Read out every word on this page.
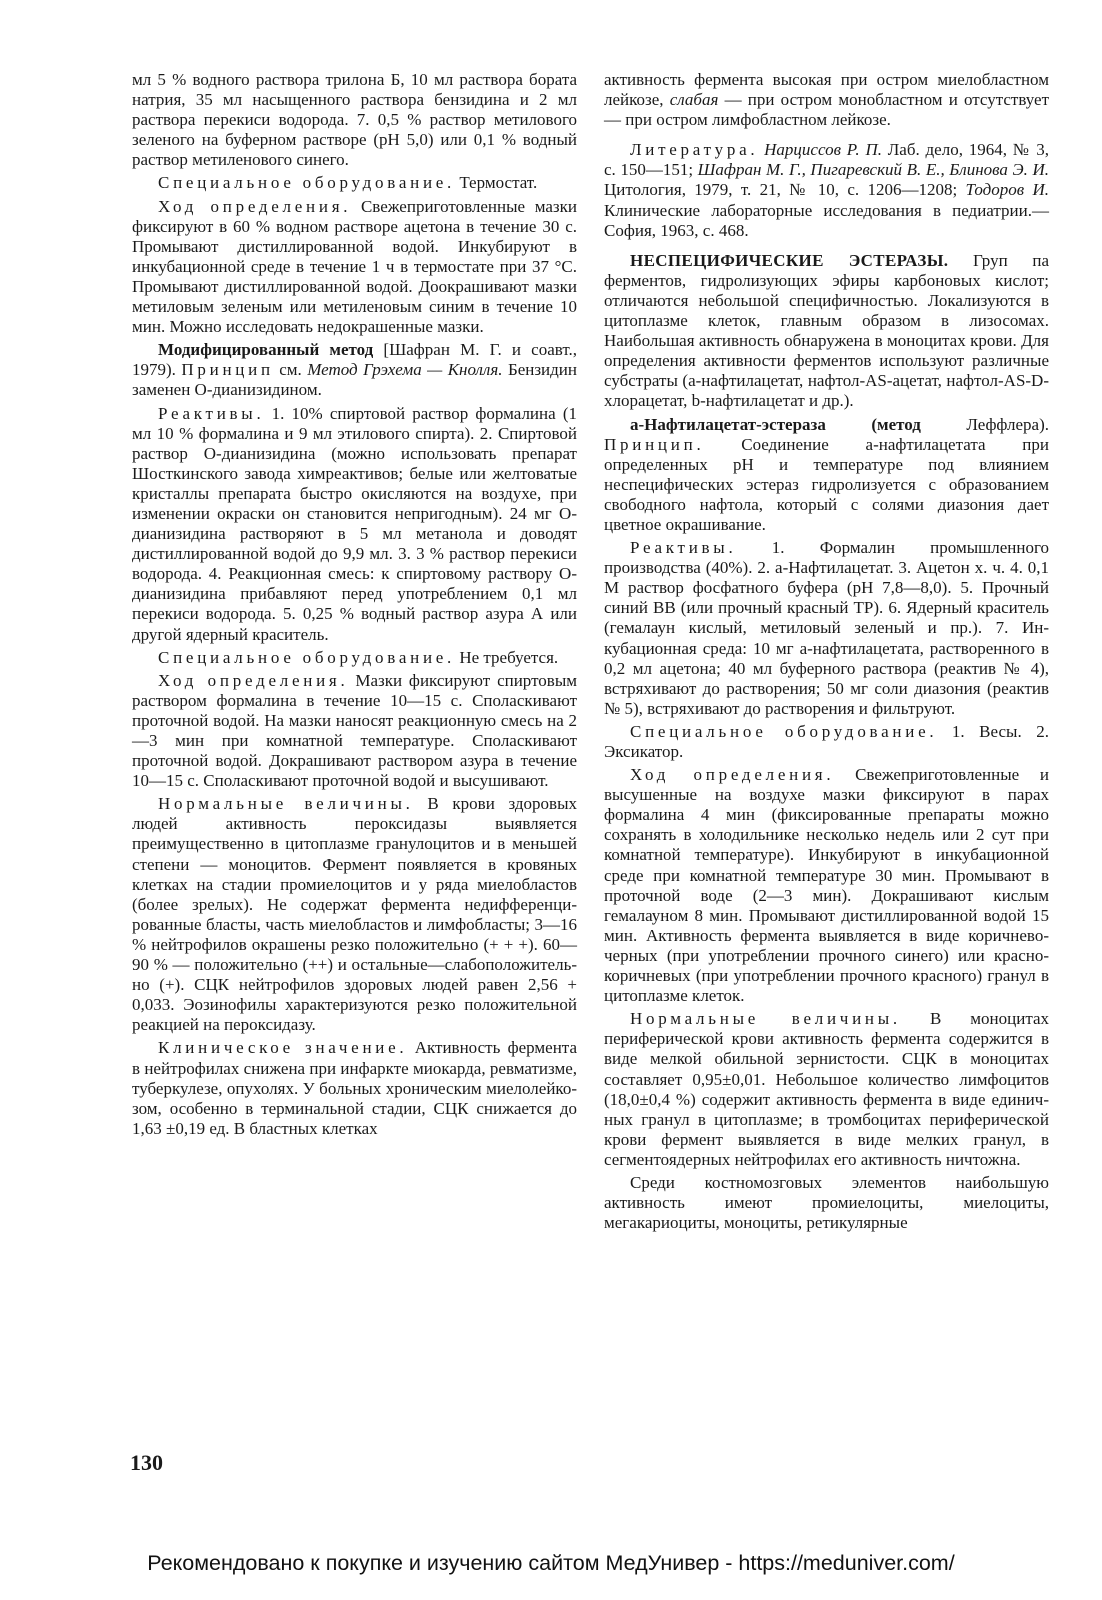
мл 5 % водного раствора трилона Б, 10 мл раствора бората натрия, 35 мл насыщенного раствора бензидина и 2 мл раствора перекиси водорода. 7. 0,5 % раствор метилового зеленого на буферном растворе (рН 5,0) или 0,1 % водный раствор метиленового синего.

Специальное оборудование. Термостат.

Ход определения. Свежеприготовленные мазки фиксируют в 60 % водном растворе ацетона в течение 30 с. Промывают дистиллированной водой. Инкубируют в инкубационной среде в течение 1 ч в термостате при 37 °С. Промывают дистиллированной водой. Доокрашивают мазки метиловым зеленым или метиленовым синим в течение 10 мин. Можно исследовать недокрашенные мазки.

Модифицированный метод [Шафран М. Г. и соавт., 1979). Принцип см. Метод Грэхема — Кнолля. Бензидин заменен О-дианизидином.

Реактивы. 1. 10% спиртовой раствор формалина (1 мл 10 % формалина и 9 мл этилового спирта). 2. Спиртовой раствор О-дианизидина (можно использовать препарат Шосткинского завода химреактивов; белые или желтоватые кристаллы препарата быстро окисляются на воздухе, при изменении окраски он становится непригодным). 24 мг О-дианизидина растворяют в 5 мл метанола и доводят дистиллированной водой до 9,9 мл. 3. 3 % раствор перекиси водорода. 4. Реакционная смесь: к спиртовому раствору О-дианизидина прибавляют перед употреблением 0,1 мл перекиси водорода. 5. 0,25 % водный раствор азура А или другой ядерный краситель.

Специальное оборудование. Не требуется.

Ход определения. Мазки фиксируют спиртовым раствором формалина в течение 10—15 с. Споласкивают проточной водой. На мазки наносят реакционную смесь на 2—3 мин при комнатной температуре. Споласкивают проточной водой. Докрашивают раствором азура в течение 10—15 с. Споласкивают проточной водой и высушивают.

Нормальные величины. В крови здоровых людей активность пероксидазы выявляется преимущественно в цитоплазме гранулоцитов и в меньшей степени — моноцитов. Фермент появляется в кровяных клетках на стадии промиелоцитов и у ряда миелобластов (более зрелых). Не содержат фермента недифференцированные бласты, часть миелобластов и лимфобласты; 3—16 % нейтрофилов окрашены резко положительно (+ + +). 60—90 % — положительно (++) и остальные—слабоположительно (+). СЦК нейтрофилов здоровых людей равен 2,56 + 0,033. Эозинофилы характеризуются резко положительной реакцией на пероксидазу.

Клиническое значение. Активность фермента в нейтрофилах снижена при инфаркте миокарда, ревматизме, туберкулезе, опухолях. У больных хроническим миелолейкозом, особенно в терминальной стадии, СЦК снижается до 1,63 ±0,19 ед. В бластных клетках

активность фермента высокая при остром миелобластном лейкозе, слабая — при остром монобластном и отсутствует — при остром лимфобластном лейкозе.

Литература. Нарциссов Р. П. Лаб. дело, 1964, № 3, с. 150—151; Шафран М. Г., Пигаревский В. Е., Блинова Э. И. Цитология, 1979, т. 21, № 10, с. 1206—1208; Тодоров И. Клинические лабораторные исследования в педиатрии.— София, 1963, с. 468.

НЕСПЕЦИФИЧЕСКИЕ ЭСТЕРАЗЫ. Груп па ферментов, гидролизующих эфиры карбоновых кислот; отличаются небольшой специфичностью. Локализуются в цитоплазме клеток, главным образом в лизосомах. Наибольшая активность обнаружена в моноцитах крови. Для определения активности ферментов используют различные субстраты (а-нафтилацетат, нафтол-AS-ацетат, нафтол-AS-D-хлорацетат, b-нафтилацетат и др.).

а-Нафтилацетат-эстераза (метод	Леффлера). Принцип. Соединение а-нафтилацетата при определенных рН и температуре под влиянием неспецифических эстераз гидролизуется с образованием свободного нафтола, который с солями диазония дает цветное окрашивание.

Реактивы. 1. Формалин промышленного производства (40%). 2. а-Нафтилацетат. 3. Ацетон х. ч. 4. 0,1 М раствор фосфатного буфера (рН 7,8—8,0). 5. Прочный синий ВВ (или прочный красный ТР). 6. Ядерный краситель (гемалаун кислый, метиловый зеленый и пр.). 7. Инкубационная среда: 10 мг а-нафтилацетата, растворенного в 0,2 мл ацетона; 40 мл буферного раствора (реактив № 4), встряхивают до растворения; 50 мг соли диазония (реактив № 5), встряхивают до растворения и фильтруют.

Специальное оборудование. 1. Весы. 2. Эксикатор.

Ход определения. Свежеприготовленные и высушенные на воздухе мазки фиксируют в парах формалина 4 мин (фиксированные препараты можно сохранять в холодильнике несколько недель или 2 сут при комнатной температуре). Инкубируют в инкубационной среде при комнатной температуре 30 мин. Промывают в проточной воде (2—3 мин). Докрашивают кислым гемалауном 8 мин. Промывают дистиллированной водой 15 мин. Активность фермента выявляется в виде коричнево-черных (при употреблении прочного синего) или красно-коричневых (при употреблении прочного красного) гранул в цитоплазме клеток.

Нормальные величины. В моноцитах периферической крови активность фермента содержится в виде мелкой обильной зернистости. СЦК в моноцитах составляет 0,95±0,01. Небольшое количество лимфоцитов (18,0±0,4 %) содержит активность фермента в виде единичных гранул в цитоплазме; в тромбоцитах периферической крови фермент выявляется в виде мелких гранул, в сегментоядерных нейтрофилах его активность ничтожна.

Среди костномозговых элементов наибольшую активность имеют промиелоциты, миелоциты, мегакариоциты, моноциты, ретикулярные

130
Рекомендовано к покупке и изучению сайтом МедУнивер - https://meduniver.com/
